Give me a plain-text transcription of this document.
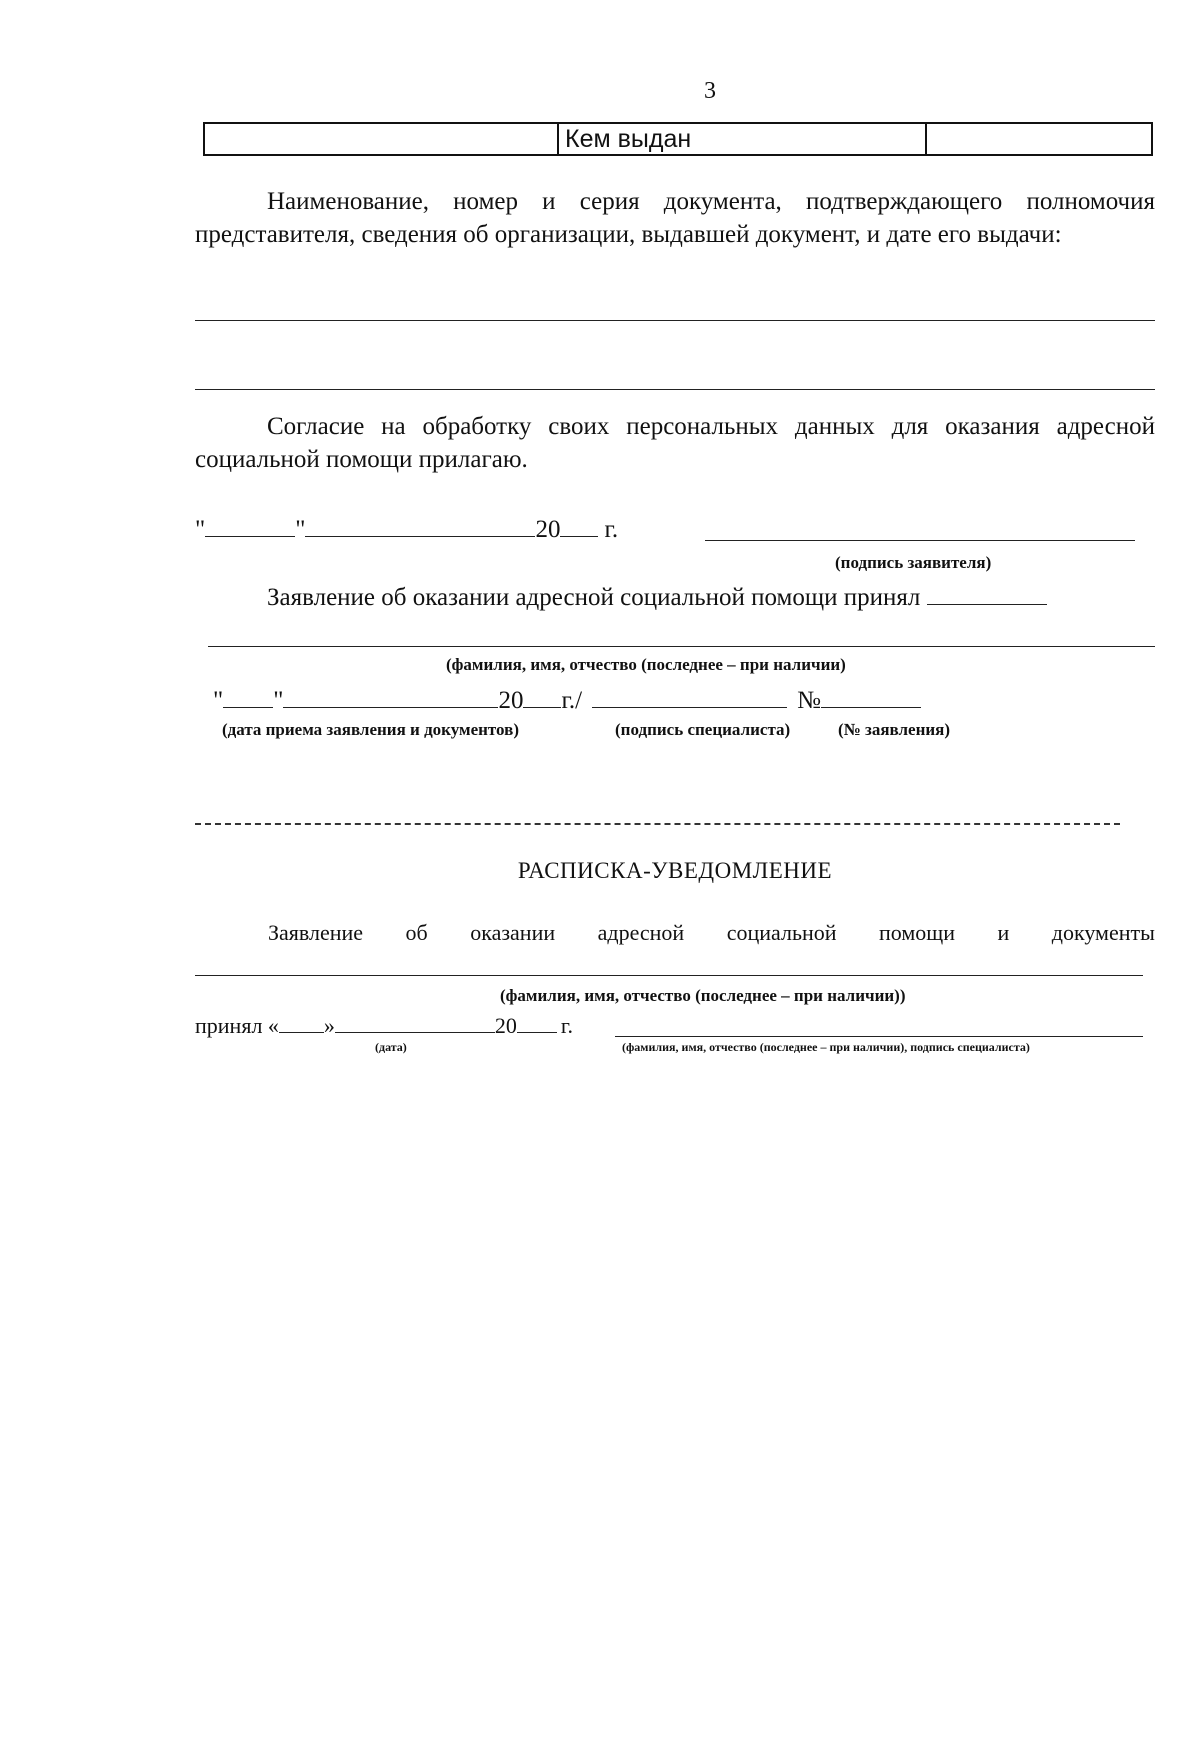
3
	Кем выдан	
Наименование, номер и серия документа, подтверждающего полномочия представителя, сведения об организации, выдавшей документ, и дате его выдачи:
Согласие на обработку своих персональных данных для оказания адресной социальной помощи прилагаю.
"	"	20 г.
(подпись заявителя)
Заявление об оказании адресной социальной помощи принял
(фамилия, имя, отчество (последнее – при наличии)
" "	20 г./	№
(дата приема заявления и документов)	(подпись специалиста)	(№ заявления)
РАСПИСКА-УВЕДОМЛЕНИЕ
Заявление об оказании адресной социальной помощи и документы
(фамилия, имя, отчество (последнее – при наличии))
принял « »	20 г.
(дата)	(фамилия, имя, отчество (последнее – при наличии), подпись специалиста)
